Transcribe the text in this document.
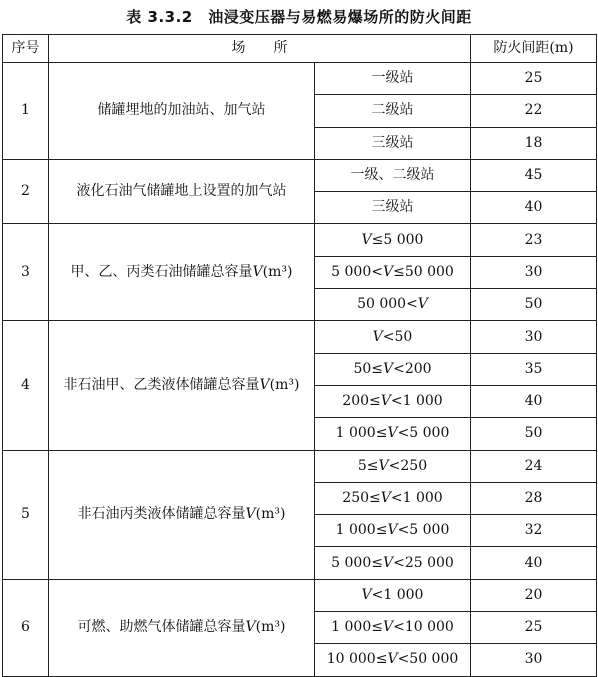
表 3.3.2　油浸变压器与易燃易爆场所的防火间距
序号	场　　所		防火间距(m)
1	储罐埋地的加油站、加气站	一级站	25
		二级站	22
		三级站	18
2	液化石油气储罐地上设置的加气站	一级、二级站	45
		三级站	40
3	甲、乙、丙类石油储罐总容量V(m³)	V≤5 000	23
		5 000<V≤50 000	30
		50 000<V	50
4	非石油甲、乙类液体储罐总容量V(m³)	V<50	30
		50≤V<200	35
		200≤V<1 000	40
		1 000≤V<5 000	50
5	非石油丙类液体储罐总容量V(m³)	5≤V<250	24
		250≤V<1 000	28
		1 000≤V<5 000	32
		5 000≤V<25 000	40
6	可燃、助燃气体储罐总容量V(m³)	V<1 000	20
		1 000≤V<10 000	25
		10 000≤V<50 000	30
